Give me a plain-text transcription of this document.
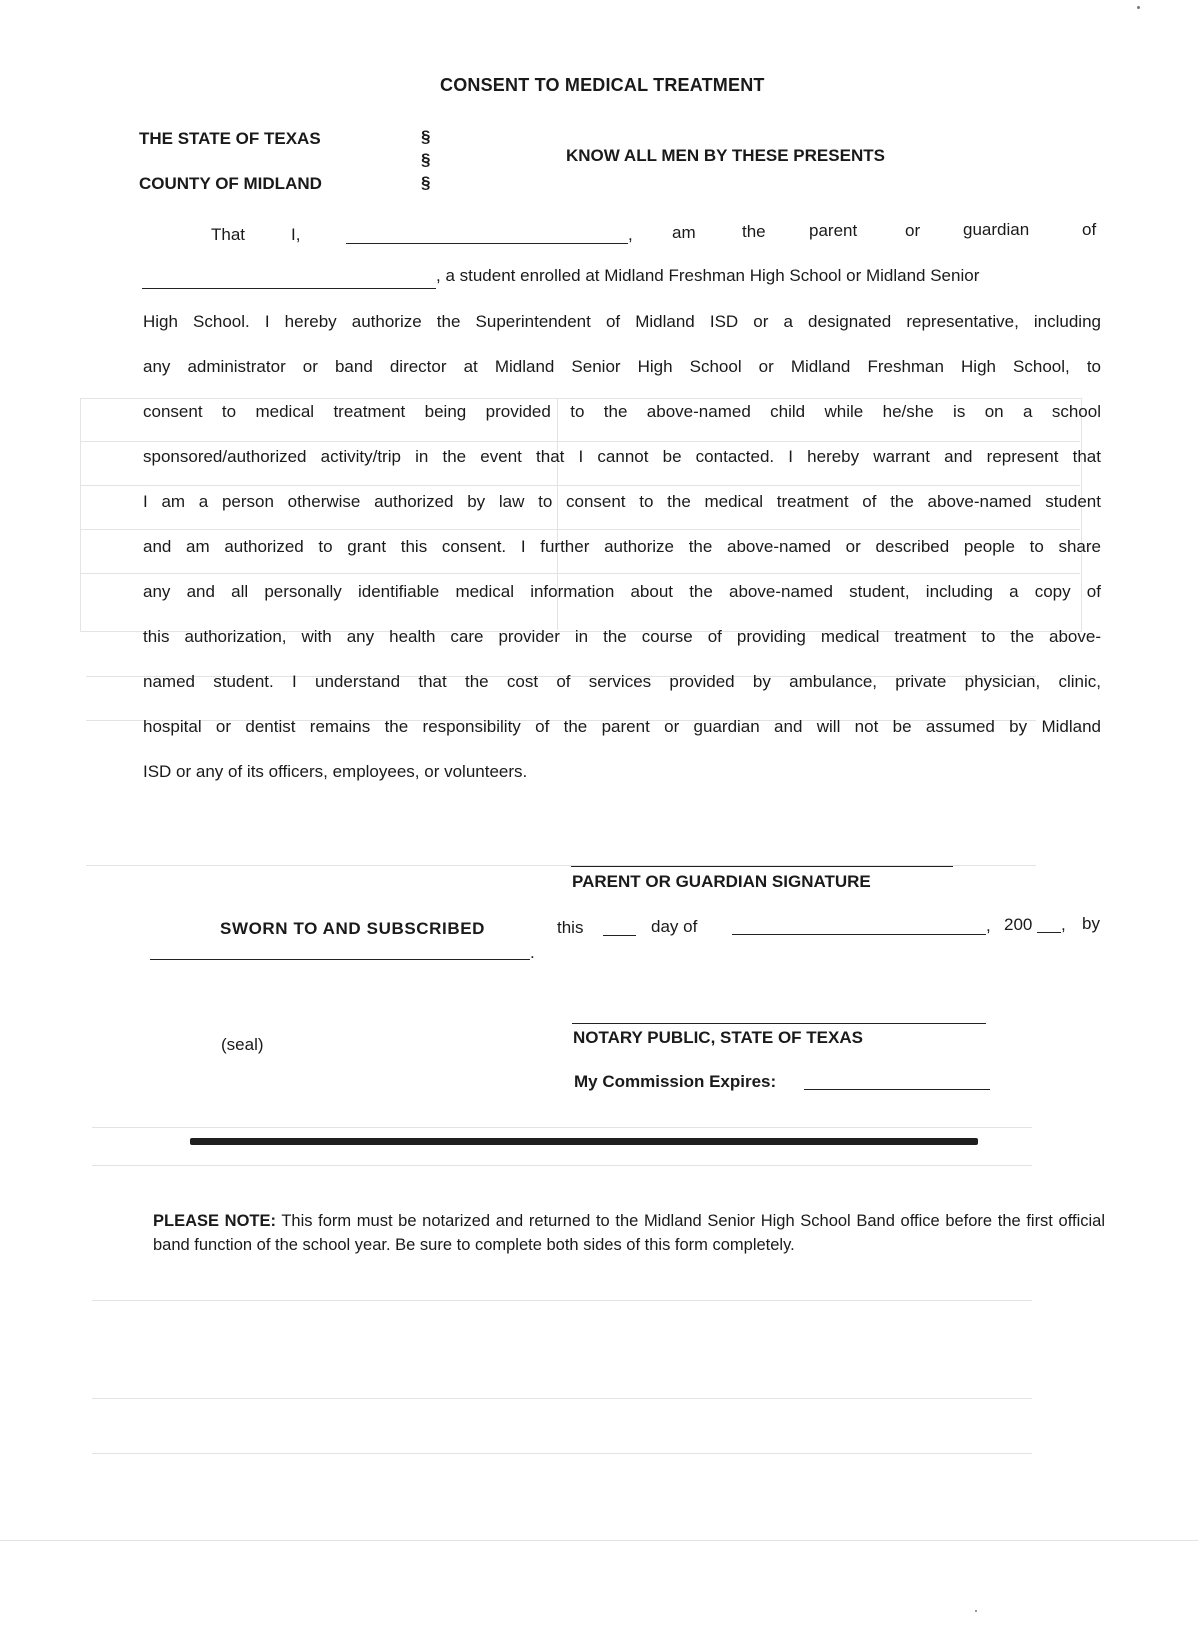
CONSENT TO MEDICAL TREATMENT
THE STATE OF TEXAS
COUNTY OF MIDLAND
§
§
§
KNOW ALL MEN BY THESE PRESENTS
That	I,	, am	the	parent	or	guardian	of
, a student enrolled at Midland Freshman High School or Midland Senior
High School. I hereby authorize the Superintendent of Midland ISD or a designated representative, including
any administrator or band director at Midland Senior High School or Midland Freshman High School, to
consent to medical treatment being provided to the above-named child while he/she is on a school
sponsored/authorized activity/trip in the event that I cannot be contacted. I hereby warrant and represent that
I am a person otherwise authorized by law to consent to the medical treatment of the above-named student
and am authorized to grant this consent. I further authorize the above-named or described people to share
any and all personally identifiable medical information about the above-named student, including a copy of
this authorization, with any health care provider in the course of providing medical treatment to the above-
named student. I understand that the cost of services provided by ambulance, private physician, clinic,
hospital or dentist remains the responsibility of the parent or guardian and will not be assumed by Midland
ISD or any of its officers, employees, or volunteers.
PARENT OR GUARDIAN SIGNATURE
SWORN TO AND SUBSCRIBED	this	day of	, 200 , by
.
(seal)	NOTARY PUBLIC, STATE OF TEXAS
My Commission Expires:
PLEASE NOTE: This form must be notarized and returned to the Midland Senior High School Band office before the first official band function of the school year. Be sure to complete both sides of this form completely.
